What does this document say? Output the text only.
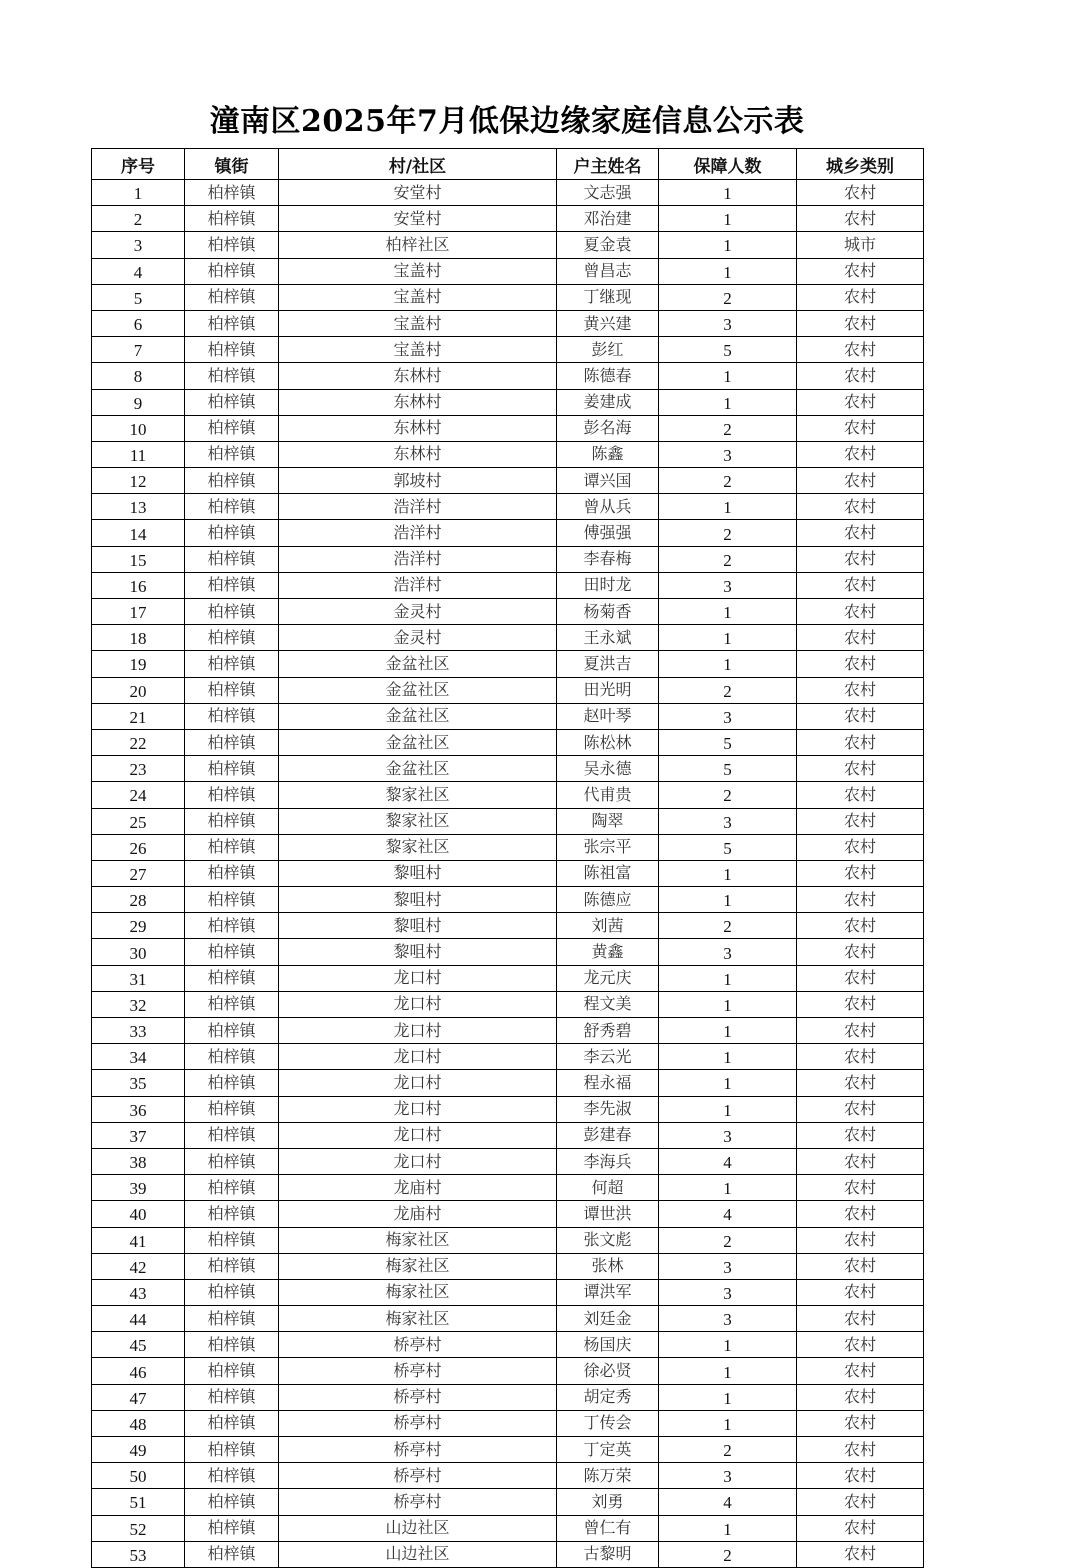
潼南区2025年7月低保边缘家庭信息公示表
序号	镇街	村/社区	户主姓名	保障人数	城乡类别
1	柏梓镇	安堂村	文志强	1	农村
2	柏梓镇	安堂村	邓治建	1	农村
3	柏梓镇	柏梓社区	夏金袁	1	城市
4	柏梓镇	宝盖村	曾昌志	1	农村
5	柏梓镇	宝盖村	丁继现	2	农村
6	柏梓镇	宝盖村	黄兴建	3	农村
7	柏梓镇	宝盖村	彭红	5	农村
8	柏梓镇	东林村	陈德春	1	农村
9	柏梓镇	东林村	姜建成	1	农村
10	柏梓镇	东林村	彭名海	2	农村
11	柏梓镇	东林村	陈鑫	3	农村
12	柏梓镇	郭坡村	谭兴国	2	农村
13	柏梓镇	浩洋村	曾从兵	1	农村
14	柏梓镇	浩洋村	傅强强	2	农村
15	柏梓镇	浩洋村	李春梅	2	农村
16	柏梓镇	浩洋村	田时龙	3	农村
17	柏梓镇	金灵村	杨菊香	1	农村
18	柏梓镇	金灵村	王永斌	1	农村
19	柏梓镇	金盆社区	夏洪吉	1	农村
20	柏梓镇	金盆社区	田光明	2	农村
21	柏梓镇	金盆社区	赵叶琴	3	农村
22	柏梓镇	金盆社区	陈松林	5	农村
23	柏梓镇	金盆社区	吴永德	5	农村
24	柏梓镇	黎家社区	代甫贵	2	农村
25	柏梓镇	黎家社区	陶翠	3	农村
26	柏梓镇	黎家社区	张宗平	5	农村
27	柏梓镇	黎咀村	陈祖富	1	农村
28	柏梓镇	黎咀村	陈德应	1	农村
29	柏梓镇	黎咀村	刘茜	2	农村
30	柏梓镇	黎咀村	黄鑫	3	农村
31	柏梓镇	龙口村	龙元庆	1	农村
32	柏梓镇	龙口村	程文美	1	农村
33	柏梓镇	龙口村	舒秀碧	1	农村
34	柏梓镇	龙口村	李云光	1	农村
35	柏梓镇	龙口村	程永福	1	农村
36	柏梓镇	龙口村	李先淑	1	农村
37	柏梓镇	龙口村	彭建春	3	农村
38	柏梓镇	龙口村	李海兵	4	农村
39	柏梓镇	龙庙村	何超	1	农村
40	柏梓镇	龙庙村	谭世洪	4	农村
41	柏梓镇	梅家社区	张文彪	2	农村
42	柏梓镇	梅家社区	张林	3	农村
43	柏梓镇	梅家社区	谭洪军	3	农村
44	柏梓镇	梅家社区	刘廷金	3	农村
45	柏梓镇	桥亭村	杨国庆	1	农村
46	柏梓镇	桥亭村	徐必贤	1	农村
47	柏梓镇	桥亭村	胡定秀	1	农村
48	柏梓镇	桥亭村	丁传会	1	农村
49	柏梓镇	桥亭村	丁定英	2	农村
50	柏梓镇	桥亭村	陈万荣	3	农村
51	柏梓镇	桥亭村	刘勇	4	农村
52	柏梓镇	山边社区	曾仁有	1	农村
53	柏梓镇	山边社区	古黎明	2	农村
